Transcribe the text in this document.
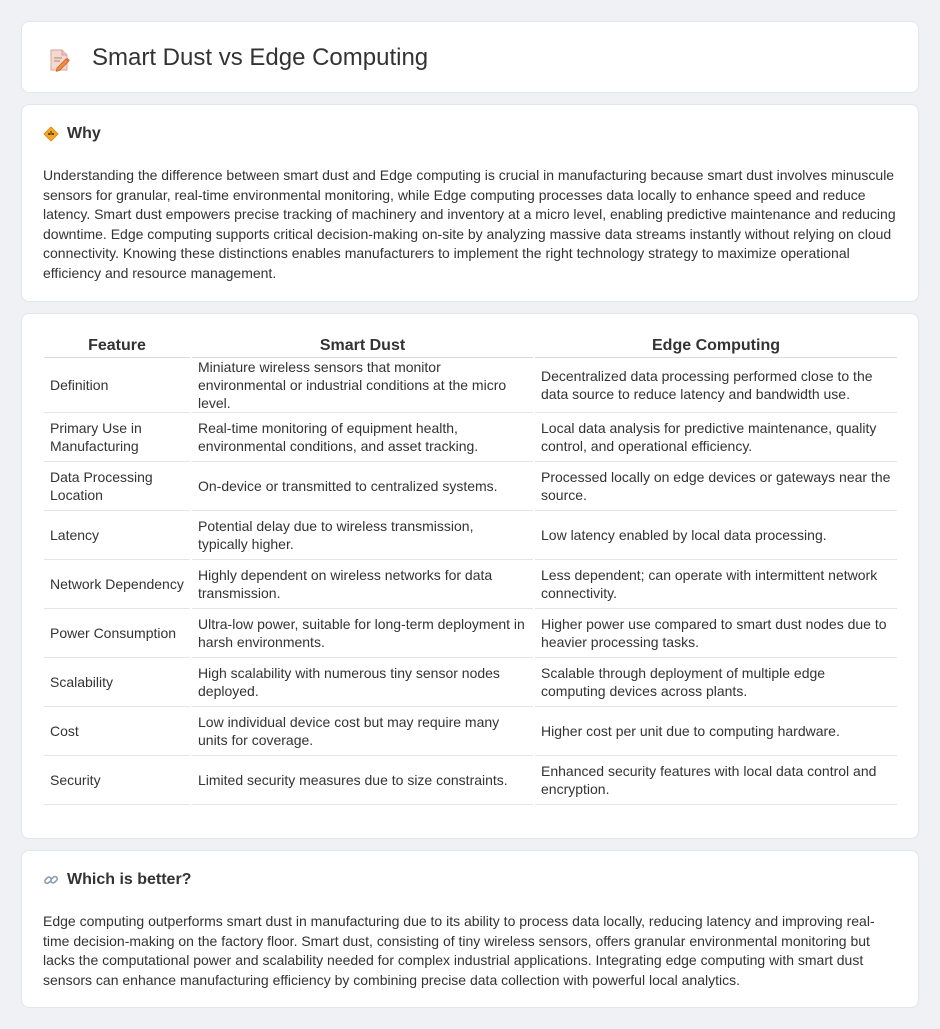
Smart Dust vs Edge Computing
Why

Understanding the difference between smart dust and Edge computing is crucial in manufacturing because smart dust involves minuscule sensors for granular, real-time environmental monitoring, while Edge computing processes data locally to enhance speed and reduce latency. Smart dust empowers precise tracking of machinery and inventory at a micro level, enabling predictive maintenance and reducing downtime. Edge computing supports critical decision-making on-site by analyzing massive data streams instantly without relying on cloud connectivity. Knowing these distinctions enables manufacturers to implement the right technology strategy to maximize operational efficiency and resource management.

Feature	Smart Dust	Edge Computing
Definition	Miniature wireless sensors that monitor environmental or industrial conditions at the micro level.	Decentralized data processing performed close to the data source to reduce latency and bandwidth use.
Primary Use in Manufacturing	Real-time monitoring of equipment health, environmental conditions, and asset tracking.	Local data analysis for predictive maintenance, quality control, and operational efficiency.
Data Processing Location	On-device or transmitted to centralized systems.	Processed locally on edge devices or gateways near the source.
Latency	Potential delay due to wireless transmission, typically higher.	Low latency enabled by local data processing.
Network Dependency	Highly dependent on wireless networks for data transmission.	Less dependent; can operate with intermittent network connectivity.
Power Consumption	Ultra-low power, suitable for long-term deployment in harsh environments.	Higher power use compared to smart dust nodes due to heavier processing tasks.
Scalability	High scalability with numerous tiny sensor nodes deployed.	Scalable through deployment of multiple edge computing devices across plants.
Cost	Low individual device cost but may require many units for coverage.	Higher cost per unit due to computing hardware.
Security	Limited security measures due to size constraints.	Enhanced security features with local data control and encryption.
Which is better?

Edge computing outperforms smart dust in manufacturing due to its ability to process data locally, reducing latency and improving real-time decision-making on the factory floor. Smart dust, consisting of tiny wireless sensors, offers granular environmental monitoring but lacks the computational power and scalability needed for complex industrial applications. Integrating edge computing with smart dust sensors can enhance manufacturing efficiency by combining precise data collection with powerful local analytics.
